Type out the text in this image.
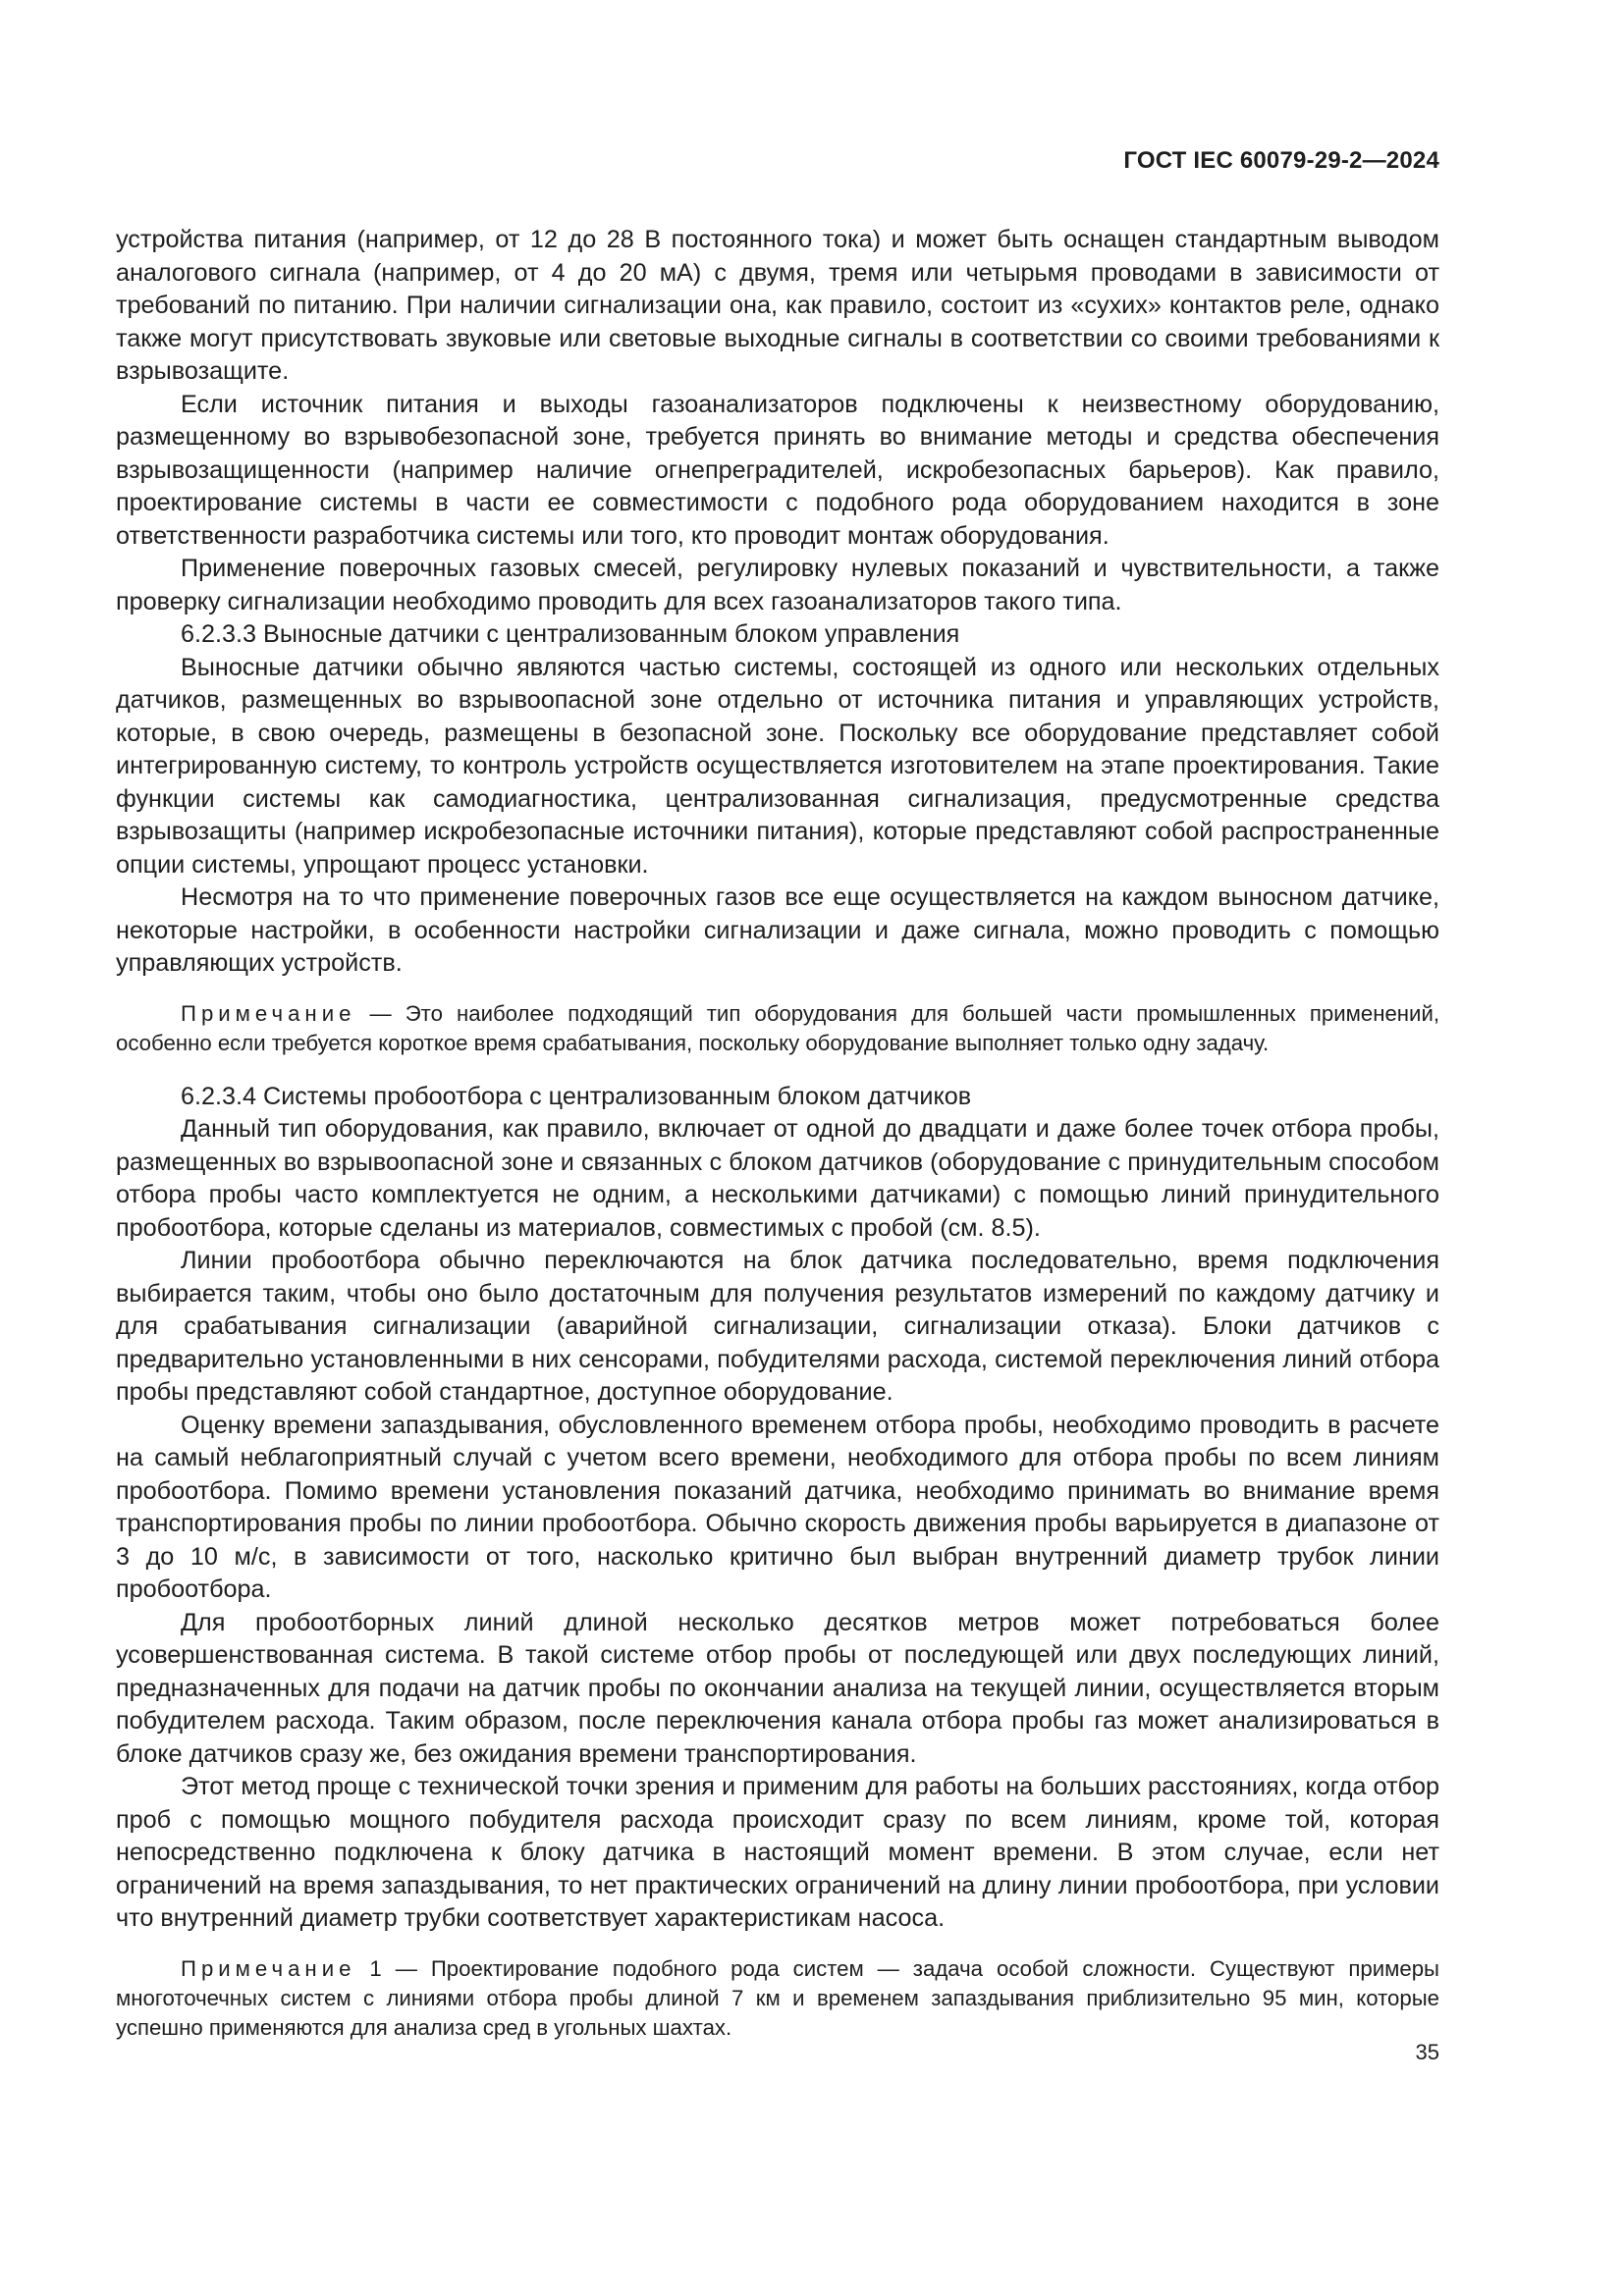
ГОСТ IEC 60079-29-2—2024

устройства питания (например, от 12 до 28 В постоянного тока) и может быть оснащен стандартным выводом аналогового сигнала (например, от 4 до 20 мА) с двумя, тремя или четырьмя проводами в зависимости от требований по питанию. При наличии сигнализации она, как правило, состоит из «сухих» контактов реле, однако также могут присутствовать звуковые или световые выходные сигналы в соответствии со своими требованиями к взрывозащите.

Если источник питания и выходы газоанализаторов подключены к неизвестному оборудованию, размещенному во взрывобезопасной зоне, требуется принять во внимание методы и средства обеспечения взрывозащищенности (например наличие огнепреградителей, искробезопасных барьеров). Как правило, проектирование системы в части ее совместимости с подобного рода оборудованием находится в зоне ответственности разработчика системы или того, кто проводит монтаж оборудования.

Применение поверочных газовых смесей, регулировку нулевых показаний и чувствительности, а также проверку сигнализации необходимо проводить для всех газоанализаторов такого типа.

6.2.3.3 Выносные датчики с централизованным блоком управления

Выносные датчики обычно являются частью системы, состоящей из одного или нескольких отдельных датчиков, размещенных во взрывоопасной зоне отдельно от источника питания и управляющих устройств, которые, в свою очередь, размещены в безопасной зоне. Поскольку все оборудование представляет собой интегрированную систему, то контроль устройств осуществляется изготовителем на этапе проектирования. Такие функции системы как самодиагностика, централизованная сигнализация, предусмотренные средства взрывозащиты (например искробезопасные источники питания), которые представляют собой распространенные опции системы, упрощают процесс установки.

Несмотря на то что применение поверочных газов все еще осуществляется на каждом выносном датчике, некоторые настройки, в особенности настройки сигнализации и даже сигнала, можно проводить с помощью управляющих устройств.

Примечание — Это наиболее подходящий тип оборудования для большей части промышленных применений, особенно если требуется короткое время срабатывания, поскольку оборудование выполняет только одну задачу.

6.2.3.4 Системы пробоотбора с централизованным блоком датчиков

Данный тип оборудования, как правило, включает от одной до двадцати и даже более точек отбора пробы, размещенных во взрывоопасной зоне и связанных с блоком датчиков (оборудование с принудительным способом отбора пробы часто комплектуется не одним, а несколькими датчиками) с помощью линий принудительного пробоотбора, которые сделаны из материалов, совместимых с пробой (см. 8.5).

Линии пробоотбора обычно переключаются на блок датчика последовательно, время подключения выбирается таким, чтобы оно было достаточным для получения результатов измерений по каждому датчику и для срабатывания сигнализации (аварийной сигнализации, сигнализации отказа). Блоки датчиков с предварительно установленными в них сенсорами, побудителями расхода, системой переключения линий отбора пробы представляют собой стандартное, доступное оборудование.

Оценку времени запаздывания, обусловленного временем отбора пробы, необходимо проводить в расчете на самый неблагоприятный случай с учетом всего времени, необходимого для отбора пробы по всем линиям пробоотбора. Помимо времени установления показаний датчика, необходимо принимать во внимание время транспортирования пробы по линии пробоотбора. Обычно скорость движения пробы варьируется в диапазоне от 3 до 10 м/с, в зависимости от того, насколько критично был выбран внутренний диаметр трубок линии пробоотбора.

Для пробоотборных линий длиной несколько десятков метров может потребоваться более усовершенствованная система. В такой системе отбор пробы от последующей или двух последующих линий, предназначенных для подачи на датчик пробы по окончании анализа на текущей линии, осуществляется вторым побудителем расхода. Таким образом, после переключения канала отбора пробы газ может анализироваться в блоке датчиков сразу же, без ожидания времени транспортирования.

Этот метод проще с технической точки зрения и применим для работы на больших расстояниях, когда отбор проб с помощью мощного побудителя расхода происходит сразу по всем линиям, кроме той, которая непосредственно подключена к блоку датчика в настоящий момент времени. В этом случае, если нет ограничений на время запаздывания, то нет практических ограничений на длину линии пробоотбора, при условии что внутренний диаметр трубки соответствует характеристикам насоса.

Примечание 1 — Проектирование подобного рода систем — задача особой сложности. Существуют примеры многоточечных систем с линиями отбора пробы длиной 7 км и временем запаздывания приблизительно 95 мин, которые успешно применяются для анализа сред в угольных шахтах.

35
